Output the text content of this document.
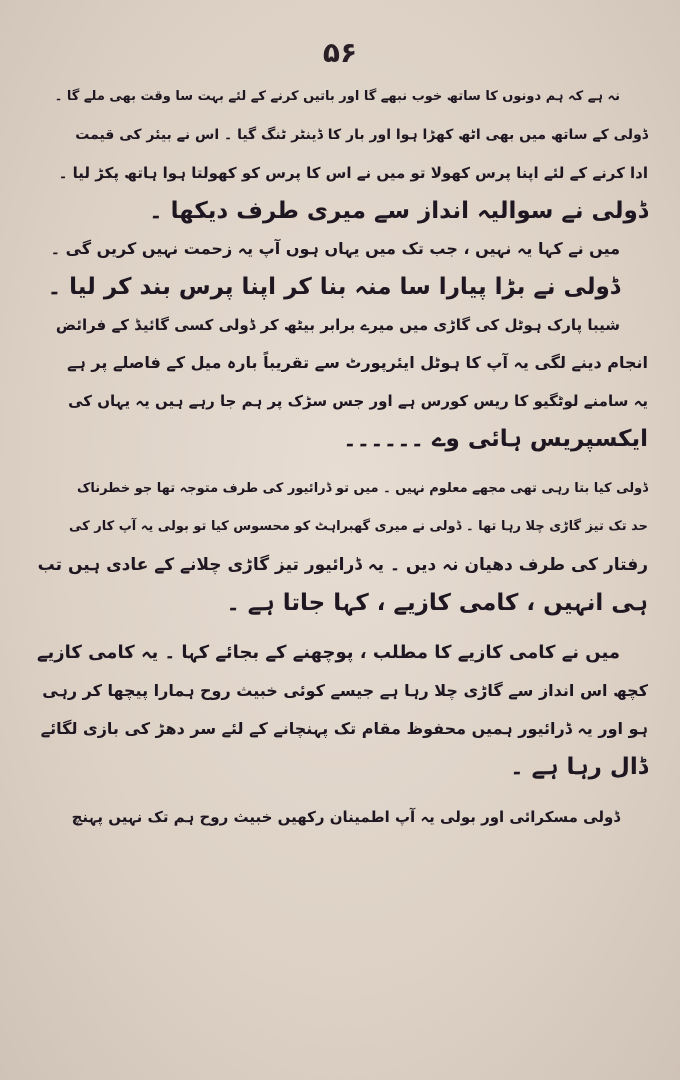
۵۶
نہ ہے کہ ہم دونوں کا ساتھ خوب نبھے گا اور باتیں کرنے کے لئے بہت سا وقت بھی ملے گا ۔
ڈولی کے ساتھ میں بھی اٹھ کھڑا ہوا اور بار کا ڈینٹر ٹنگ گیا ۔ اس نے بیئر کی قیمت
ادا کرنے کے لئے اپنا پرس کھولا تو میں نے اس کا پرس کو کھولتا ہوا ہاتھ پکڑ لیا ۔
ڈولی نے سوالیہ انداز سے میری طرف دیکھا ۔
میں نے کہا یہ نہیں ، جب تک میں یہاں ہوں آپ یہ زحمت نہیں کریں گی ۔
ڈولی نے بڑا پیارا سا منہ بنا کر اپنا پرس بند کر لیا ۔
شیبا پارک ہوٹل کی گاڑی میں میرے برابر بیٹھ کر ڈولی کسی گائیڈ کے فرائض
انجام دینے لگی یہ آپ کا ہوٹل ایئرپورٹ سے تقریباً بارہ میل کے فاصلے پر ہے
یہ سامنے لوٹگیو کا ریس کورس ہے اور جس سڑک پر ہم جا رہے ہیں یہ یہاں کی
ایکسپریس ہائی وے ۔۔۔۔۔۔
ڈولی کیا بتا رہی تھی مجھے معلوم نہیں ۔ میں تو ڈرائیور کی طرف متوجہ تھا جو خطرناک
حد تک تیز گاڑی چلا رہا تھا ۔ ڈولی نے میری گھبراہٹ کو محسوس کیا تو بولی یہ آپ کار کی
رفتار کی طرف دھیان نہ دیں ۔ یہ ڈرائیور تیز گاڑی چلانے کے عادی ہیں تب
ہی انہیں ، کامی کازیے ، کہا جاتا ہے ۔
میں نے کامی کازیے کا مطلب ، پوچھنے کے بجائے کہا ۔ یہ کامی کازیے
کچھ اس انداز سے گاڑی چلا رہا ہے جیسے کوئی خبیث روح ہمارا پیچھا کر رہی
ہو اور یہ ڈرائیور ہمیں محفوظ مقام تک پہنچانے کے لئے سر دھڑ کی بازی لگائے
ڈال رہا ہے ۔
ڈولی مسکرائی اور بولی یہ آپ اطمینان رکھیں خبیث روح ہم تک نہیں پہنچ
